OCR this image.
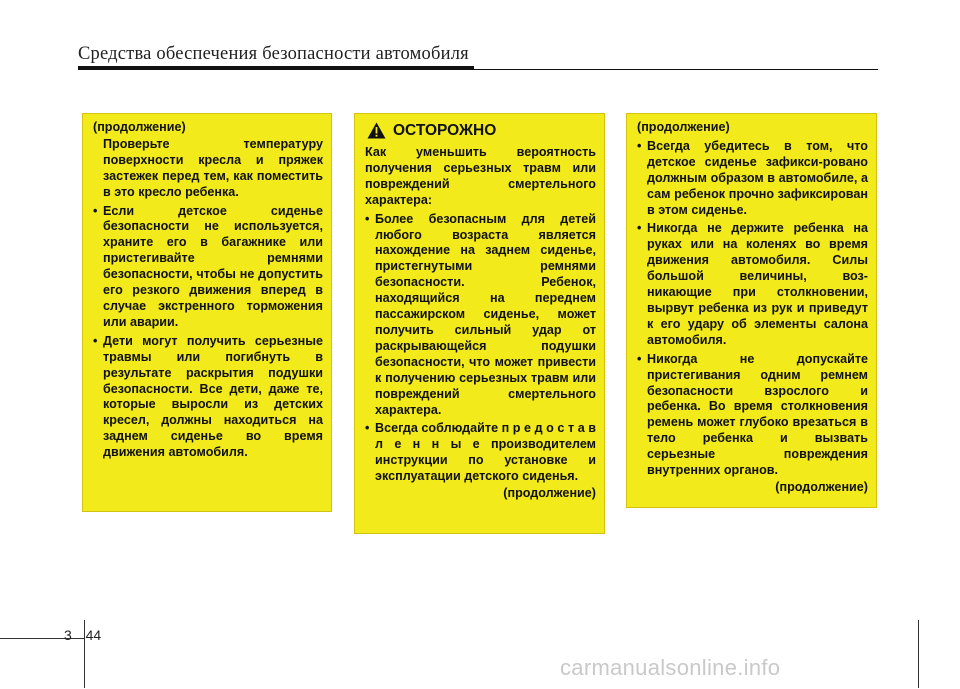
Средства обеспечения безопасности автомобиля
(продолжение)
Проверьте температуру поверхности кресла и пряжек застежек перед тем, как поместить в это кресло ребенка.
• Если детское сиденье безопасности не используется, храните его в багажнике или пристегивайте ремнями безопасности, чтобы не допустить его резкого движения вперед в случае экстренного торможения или аварии.
• Дети могут получить серьезные травмы или погибнуть в результате раскрытия подушки безопасности. Все дети, даже те, которые выросли из детских кресел, должны находиться на заднем сиденье во время движения автомобиля.
ОСТОРОЖНО
Как уменьшить вероятность получения серьезных травм или повреждений смертельного характера:
• Более безопасным для детей любого возраста является нахождение на заднем сиденье, пристегнутыми ремнями безопасности. Ребенок, находящийся на переднем пассажирском сиденье, может получить сильный удар от раскрывающейся подушки безопасности, что может привести к получению серьезных травм или повреждений смертельного характера.
• Всегда соблюдайте п р е д о с т а в л е н н ы е производителем инструкции по установке и эксплуатации детского сиденья.
(продолжение)
(продолжение)
• Всегда убедитесь в том, что детское сиденье зафикси-ровано должным образом в автомобиле, а сам ребенок прочно зафиксирован в этом сиденье.
• Никогда не держите ребенка на руках или на коленях во время движения автомобиля. Силы большой величины, воз-никающие при столкновении, вырвут ребенка из рук и приведут к его удару об элементы салона автомобиля.
• Никогда не допускайте пристегивания одним ремнем безопасности взрослого и ребенка. Во время столкновения ремень может глубоко врезаться в тело ребенка и вызвать серьезные повреждения внутренних органов.
(продолжение)
3 44
carmanualsonline.info
